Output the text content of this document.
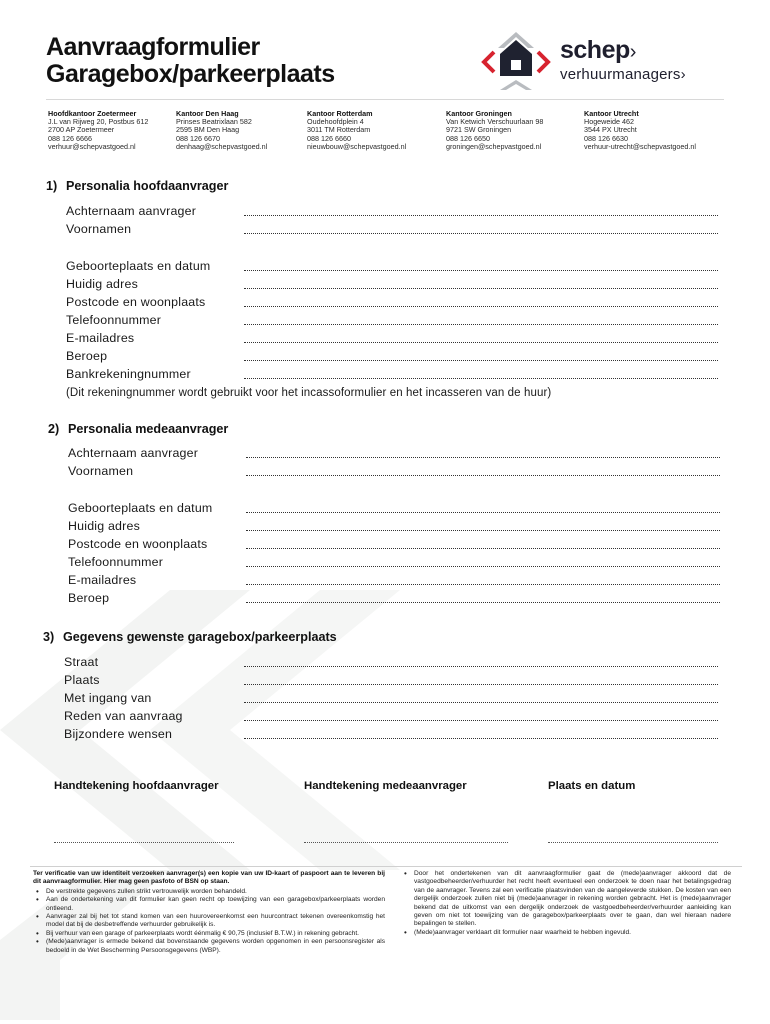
Aanvraagformulier
Garagebox/parkeerplaats
schep›
verhuurmanagers›
Hoofdkantoor Zoetermeer
J.L van Rijweg 20, Postbus 612
2700 AP Zoetermeer
088 126 6666
verhuur@schepvastgoed.nl
Kantoor Den Haag
Prinses Beatrixlaan 582
2595 BM Den Haag
088 126 6670
denhaag@schepvastgoed.nl
Kantoor Rotterdam
Oudehoofdplein 4
3011 TM Rotterdam
088 126 6660
nieuwbouw@schepvastgoed.nl
Kantoor Groningen
Van Ketwich Verschuurlaan 98
9721 SW Groningen
088 126 6650
groningen@schepvastgoed.nl
Kantoor Utrecht
Hogeweide 462
3544 PX Utrecht
088 126 6630
verhuur-utrecht@schepvastgoed.nl
1) Personalia hoofdaanvrager
Achternaam aanvrager
Voornamen
Geboorteplaats en datum
Huidig adres
Postcode en woonplaats
Telefoonnummer
E-mailadres
Beroep
Bankrekeningnummer
(Dit rekeningnummer wordt gebruikt voor het incassoformulier en het incasseren van de huur)
2) Personalia medeaanvrager
Achternaam aanvrager
Voornamen
Geboorteplaats en datum
Huidig adres
Postcode en woonplaats
Telefoonnummer
E-mailadres
Beroep
3) Gegevens gewenste garagebox/parkeerplaats
Straat
Plaats
Met ingang van
Reden van aanvraag
Bijzondere wensen
Handtekening hoofdaanvrager	Handtekening medeaanvrager	Plaats en datum
Ter verificatie van uw identiteit verzoeken aanvrager(s) een kopie van uw ID-kaart of paspoort aan te leveren bij dit aanvraagformulier. Hier mag geen pasfoto of BSN op staan.
• De verstrekte gegevens zullen strikt vertrouwelijk worden behandeld.
• Aan de ondertekening van dit formulier kan geen recht op toewijzing van een garagebox/parkeerplaats worden ontleend.
• Aanvrager zal bij het tot stand komen van een huurovereenkomst een huurcontract tekenen overeenkomstig het model dat bij de desbetreffende verhuurder gebruikelijk is.
• Bij verhuur van een garage of parkeerplaats wordt éénmalig € 90,75 (inclusief B.T.W.) in rekening gebracht.
• (Mede)aanvrager is ermede bekend dat bovenstaande gegevens worden opgenomen in een persoonsregister als bedoeld in de Wet Bescherming Persoonsgegevens (WBP).
• Door het ondertekenen van dit aanvraagformulier gaat de (mede)aanvrager akkoord dat de vastgoedbeheerder/verhuurder het recht heeft eventueel een onderzoek te doen naar het betalingsgedrag van de aanvrager. Tevens zal een verificatie plaatsvinden van de aangeleverde stukken. De kosten van een dergelijk onderzoek zullen niet bij (mede)aanvrager in rekening worden gebracht. Het is (mede)aanvrager bekend dat de uitkomst van een dergelijk onderzoek de vastgoedbeheerder/verhuurder aanleiding kan geven om niet tot toewijzing van de garagebox/parkeerplaats over te gaan, dan wel hieraan nadere bepalingen te stellen.
• (Mede)aanvrager verklaart dit formulier naar waarheid te hebben ingevuld.
